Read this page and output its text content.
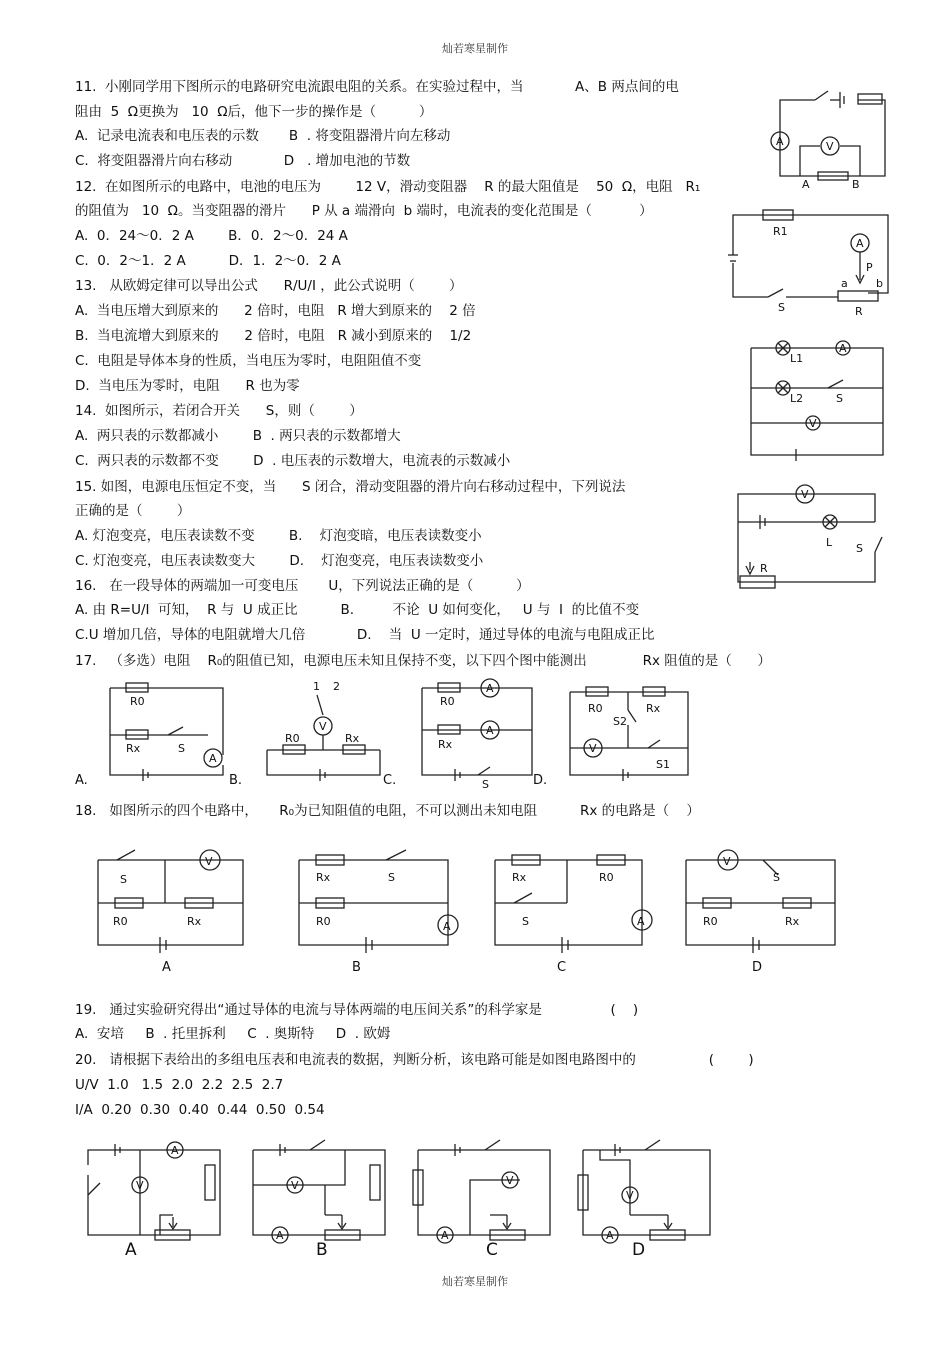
灿若寒星制作
11.  小刚同学用下图所示的电路研究电流跟电阻的关系。在实验过程中，当            A、B 两点间的电
阻由  5  Ω更换为   10  Ω后，他下一步的操作是（          ）
A.  记录电流表和电压表的示数       B  . 将变阻器滑片向左移动
C.  将变阻器滑片向右移动            D   . 增加电池的节数
12.  在如图所示的电路中，电池的电压为        12 V，滑动变阻器    R 的最大阻值是    50  Ω，电阻   R₁
的阻值为   10  Ω。当变阻器的滑片      P 从 a 端滑向  b 端时，电流表的变化范围是（           ）
A.  0．24～0．2 A        B．0．2～0．24 A
C.  0．2～1．2 A          D．1．2～0．2 A
13.   从欧姆定律可以导出公式      R/U/I ，此公式说明（        ）
A.  当电压增大到原来的      2 倍时，电阻   R 增大到原来的    2 倍
B.  当电流增大到原来的      2 倍时，电阻   R 减小到原来的    1/2
C.  电阻是导体本身的性质，当电压为零时，电阻阻值不变
D.  当电压为零时，电阻      R 也为零
14.  如图所示，若闭合开关      S，则（        ）
A.  两只表的示数都减小        B  . 两只表的示数都增大
C.  两只表的示数都不变        D  . 电压表的示数增大，电流表的示数减小
15. 如图，电源电压恒定不变，当      S 闭合，滑动变阻器的滑片向右移动过程中，下列说法
正确的是（        ）
A. 灯泡变亮，电压表读数不变        B.    灯泡变暗，电压表读数变小
C. 灯泡变亮，电压表读数变大        D.    灯泡变亮，电压表读数变小
16.   在一段导体的两端加一可变电压       U，下列说法正确的是（          ）
A. 由 R=U/I  可知，  R 与  U 成正比          B.         不论  U 如何变化，   U 与  I  的比值不变
C.U 增加几倍，导体的电阻就增大几倍            D.    当  U 一定时，通过导体的电流与电阻成正比
17.   （多选）电阻    R₀的阻值已知，电源电压未知且保持不变，以下四个图中能测出             Rx 阻值的是（      ）
18.   如图所示的四个电路中，     R₀为已知阻值的电阻，不可以测出未知电阻          Rx 的电路是（    ）
19.   通过实验研究得出“通过导体的电流与导体两端的电压间关系”的科学家是                (    )
A.  安培     B  . 托里拆利     C  . 奥斯特     D  . 欧姆
20.   请根据下表给出的多组电压表和电流表的数据，判断分析，该电路可能是如图电路图中的                 (        )
U/V  1.0   1.5  2.0  2.2  2.5  2.7
I/A  0.20  0.30  0.40  0.44  0.50  0.54
A	V
A	B
R1
A
P
a	b
S	R
L1
A
L2	S
V
V
L S
R
R0
Rx	S
A
1 2
V
R0	Rx
R0
A
Rx
A
S
R0	Rx
S2
V
S1
A.	B.	C.	D.
S
V
R0	Rx
Rx	S
R0	A
Rx	R0
S	A
V
S
R0	Rx
A	B	C	D
A
V	V
A
V
A
V
A
A	B	C	D
灿若寒星制作
